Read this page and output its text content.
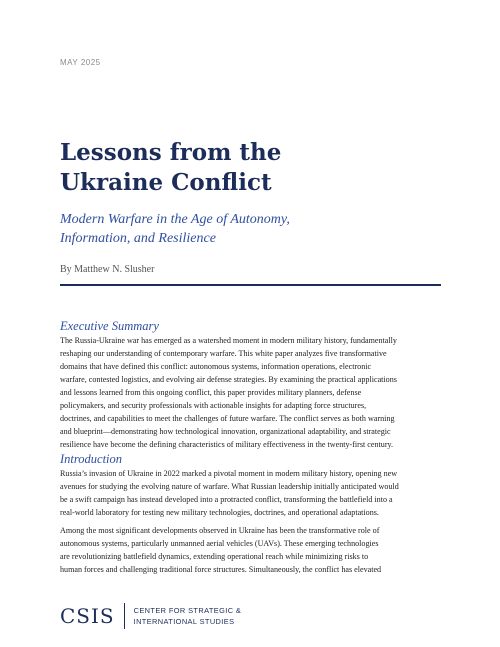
MAY 2025
Lessons from the
Ukraine Conflict
Modern Warfare in the Age of Autonomy,
Information, and Resilience
By Matthew N. Slusher
Executive Summary
The Russia-Ukraine war has emerged as a watershed moment in modern military history, fundamentally
reshaping our understanding of contemporary warfare. This white paper analyzes five transformative
domains that have defined this conflict: autonomous systems, information operations, electronic
warfare, contested logistics, and evolving air defense strategies. By examining the practical applications
and lessons learned from this ongoing conflict, this paper provides military planners, defense
policymakers, and security professionals with actionable insights for adapting force structures,
doctrines, and capabilities to meet the challenges of future warfare. The conflict serves as both warning
and blueprint—demonstrating how technological innovation, organizational adaptability, and strategic
resilience have become the defining characteristics of military effectiveness in the twenty-first century.
Introduction
Russia’s invasion of Ukraine in 2022 marked a pivotal moment in modern military history, opening new
avenues for studying the evolving nature of warfare. What Russian leadership initially anticipated would
be a swift campaign has instead developed into a protracted conflict, transforming the battlefield into a
real-world laboratory for testing new military technologies, doctrines, and operational adaptations.
Among the most significant developments observed in Ukraine has been the transformative role of
autonomous systems, particularly unmanned aerial vehicles (UAVs). These emerging technologies
are revolutionizing battlefield dynamics, extending operational reach while minimizing risks to
human forces and challenging traditional force structures. Simultaneously, the conflict has elevated
CSIS	CENTER FOR STRATEGIC &
INTERNATIONAL STUDIES
